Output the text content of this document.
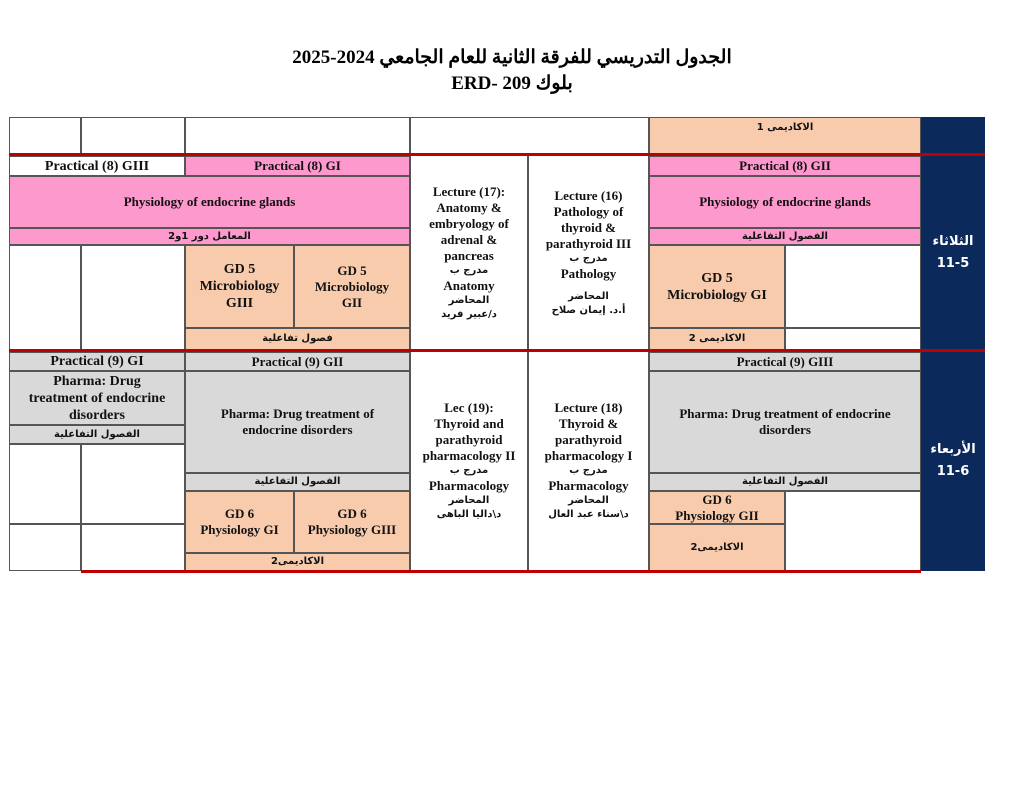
الجدول التدريسي للفرقة الثانية للعام الجامعي 2024-2025
بلوك ERD- 209
الاكاديمى 1
Practical (8) GIII	Practical (8) GI
Physiology of endocrine glands
المعامل دور 1و2
GD 5
Microbiology
GIII
GD 5
Microbiology
GII
فصول تفاعلية
Lecture (17):
Anatomy &
embryology of
adrenal &
pancreas
مدرج ب
Anatomy
المحاضر
د/عبير فريد
Lecture (16)
Pathology of
thyroid &
parathyroid III
مدرج ب
Pathology
المحاضر
أ.د. إيمان صلاح
Practical (8) GII
Physiology of endocrine glands
الفصول التفاعلية
GD 5
Microbiology GI
الاكاديمى 2
Practical (9) GI
Pharma: Drug
treatment of endocrine
disorders
الفصول التفاعلية
Practical (9) GII
Pharma: Drug treatment of
endocrine disorders
الفصول التفاعلية
GD 6
Physiology GI
GD 6
Physiology GIII
الاكاديمى2
Lec (19):
Thyroid and
parathyroid
pharmacology II
مدرج ب
Pharmacology
المحاضر
د\داليا الباهى
Lecture (18)
Thyroid &
parathyroid
pharmacology I
مدرج ب
Pharmacology
المحاضر
د\سناء عبد العال
Practical (9) GIII
Pharma: Drug treatment of endocrine
disorders
الفصول التفاعلية
GD 6
Physiology GII
الاكاديمى2
الثلاثاء
11-5
الأربعاء
11-6
